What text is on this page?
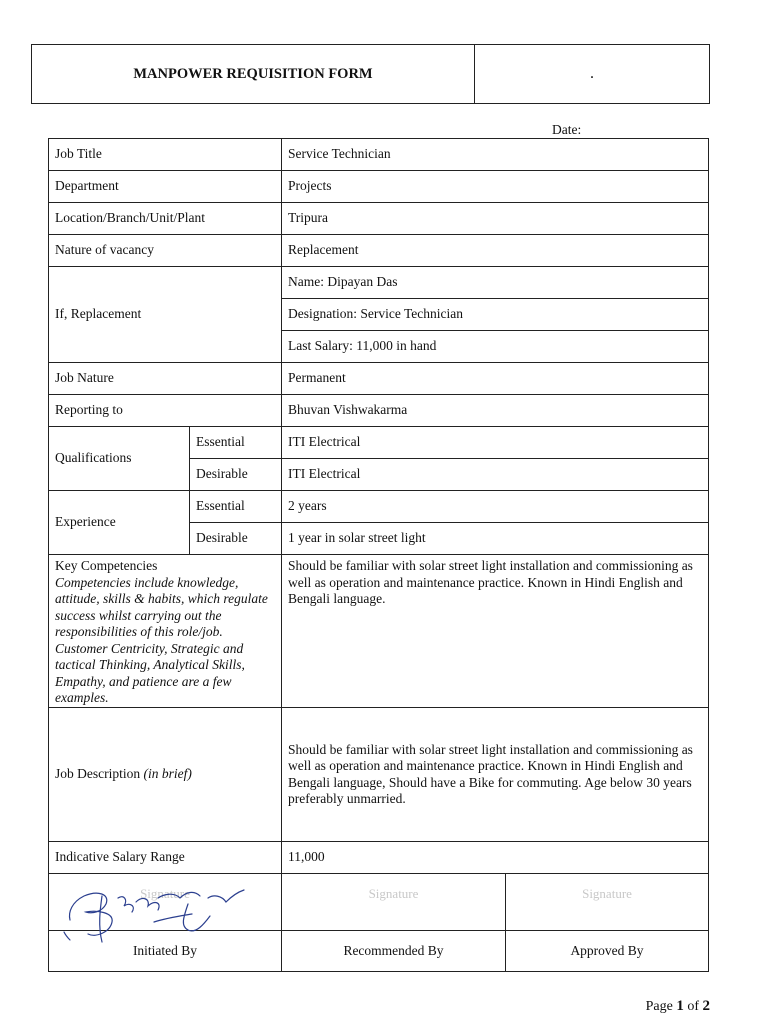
MANPOWER REQUISITION FORM	.
Date:
Job Title		Service Technician	
Department		Projects	
Location/Branch/Unit/Plant		Tripura	
Nature of vacancy		Replacement	
If, Replacement		Name: Dipayan Das	
		Designation: Service Technician	
		Last Salary: 11,000 in hand	
Job Nature		Permanent	
Reporting to		Bhuvan Vishwakarma	
Qualifications	Essential	ITI Electrical	
	Desirable	ITI Electrical	
Experience	Essential	2 years	
	Desirable	1 year in solar street light	

Key Competencies
Competencies include knowledge, attitude, skills & habits, which regulate success whilst carrying out the responsibilities of this role/job. Customer Centricity, Strategic and tactical Thinking, Analytical Skills, Empathy, and patience are a few examples.		Should be familiar with solar street light installation and commissioning as well as operation and maintenance practice. Known in Hindi English and Bengali language.	
Job Description (in brief)		Should be familiar with solar street light installation and commissioning as well as operation and maintenance practice. Known in Hindi English and Bengali language, Should have a Bike for commuting. Age below 30 years preferably unmarried.	
Indicative Salary Range		11,000	
Signature		Signature	Signature
Initiated By		Recommended By	Approved By
Page 1 of 2
